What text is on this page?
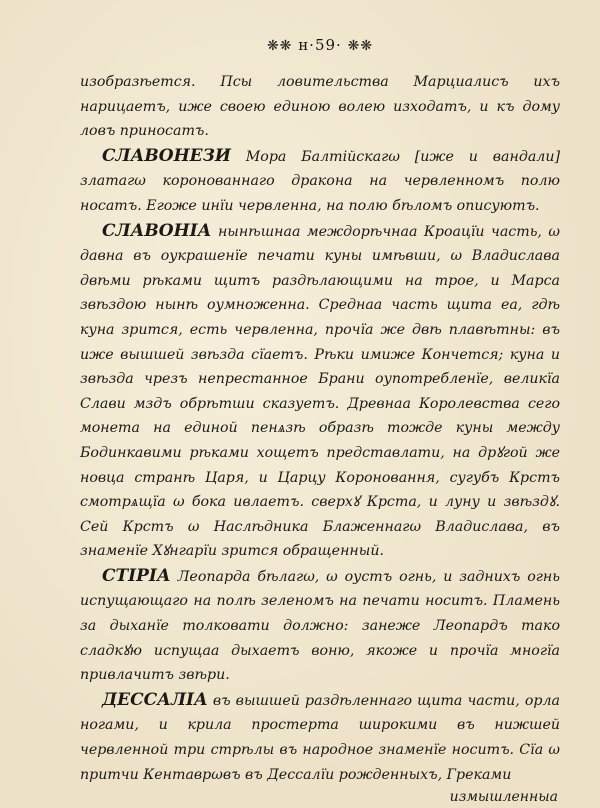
❋❋ н·59· ❋❋

изобразѣется. Псы ловительства Марциалисъ ихъ нарицаетъ, иже своею единою волею изходатъ, и къ дому ловъ приносатъ.

СЛАВОНЕЗИ Мора Балтійскагω [иже и вандали] златагω коронованнаго дракона на червленномъ полю носатъ. Егоже инїи червленна, на полю бѣломъ описуютъ.

СЛАВОНІА нынѣшнаа междорѣчнаа Кроацїи часть, ω давна въ оукрашенїе печати куны имѣвши, ω Владислава двѣми рѣками щитъ раздѣлающими на трое, и Марса звѣздою нынѣ оумноженна. Среднаа часть щита еа, гдѣ куна зрится, есть червленна, прочїа же двѣ плавѣтны: въ иже вышшей звѣзда сїаетъ. Рѣки имиже Кончется; куна и звѣзда чрезъ непрестанное Брани оупотребленїе, великїа Слави мздъ обрѣтши сказуетъ. Древнаа Королевства сего монета на единой пенѧзѣ образѣ тожде куны между Бодинкавими рѣками хощетъ представлати, на дрꙋгой же новца странѣ Царя, и Царцу Короновання, сугубъ Крстъ смотрѧщїа ω бока ивлаетъ. сверхꙋ Крста, и луну и звѣздꙋ. Сей Крстъ ω Наслѣдника Блаженнагω Владислава, въ знаменїе Хꙋнгарїи зрится обращенный.

СТІРІА Леопарда бѣлагω, ω оустъ огнь, и заднихъ огнь испущающаго на полѣ зеленомъ на печати носитъ. Пламень за дыханїе толковати должно: занеже Леопардъ тако сладкꙋю испущаа дыхаетъ воню, якоже и прочїа многїа привлачитъ звѣри.

ДЕССАЛІА въ вышшей раздѣленнаго щита части, орла ногами, и крила простерта широкими въ нижшей червленной три стрѣлы въ народное знаменїе носитъ. Сїа ω притчи Кентаврωвъ въ Дессалїи рожденныхъ, Греками

измышленныа
